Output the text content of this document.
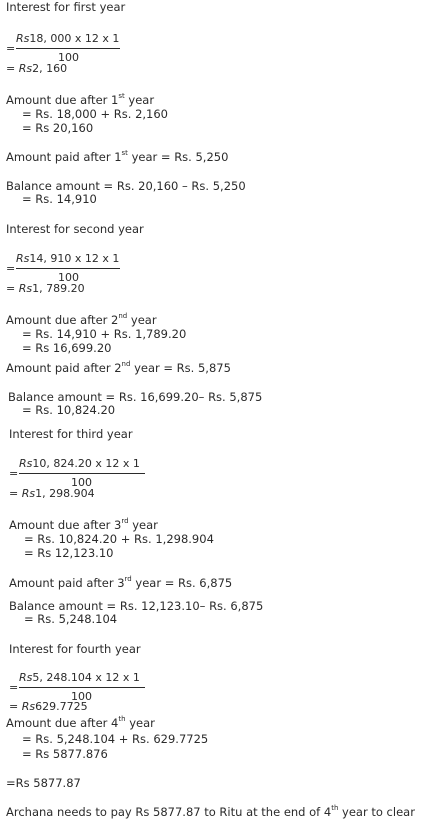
Interest for first year
=
Rs18, 000 x 12 x 1
100
= Rs2, 160
Amount due after 1st year
= Rs. 18,000 + Rs. 2,160
= Rs 20,160
Amount paid after 1st year = Rs. 5,250
Balance amount = Rs. 20,160 – Rs. 5,250
= Rs. 14,910
Interest for second year
=
Rs14, 910 x 12 x 1
100
= Rs1, 789.20
Amount due after 2nd year
= Rs. 14,910 + Rs. 1,789.20
= Rs 16,699.20
Amount paid after 2nd year = Rs. 5,875
Balance amount = Rs. 16,699.20– Rs. 5,875
= Rs. 10,824.20
Interest for third year
=
Rs10, 824.20 x 12 x 1
100
= Rs1, 298.904
Amount due after 3rd year
= Rs. 10,824.20 + Rs. 1,298.904
= Rs 12,123.10
Amount paid after 3rd year = Rs. 6,875
Balance amount = Rs. 12,123.10– Rs. 6,875
= Rs. 5,248.104
Interest for fourth year
=
Rs5, 248.104 x 12 x 1
100
= Rs629.7725
Amount due after 4th year
= Rs. 5,248.104 + Rs. 629.7725
= Rs 5877.876
=Rs 5877.87
Archana needs to pay Rs 5877.87 to Ritu at the end of 4th year to clear
